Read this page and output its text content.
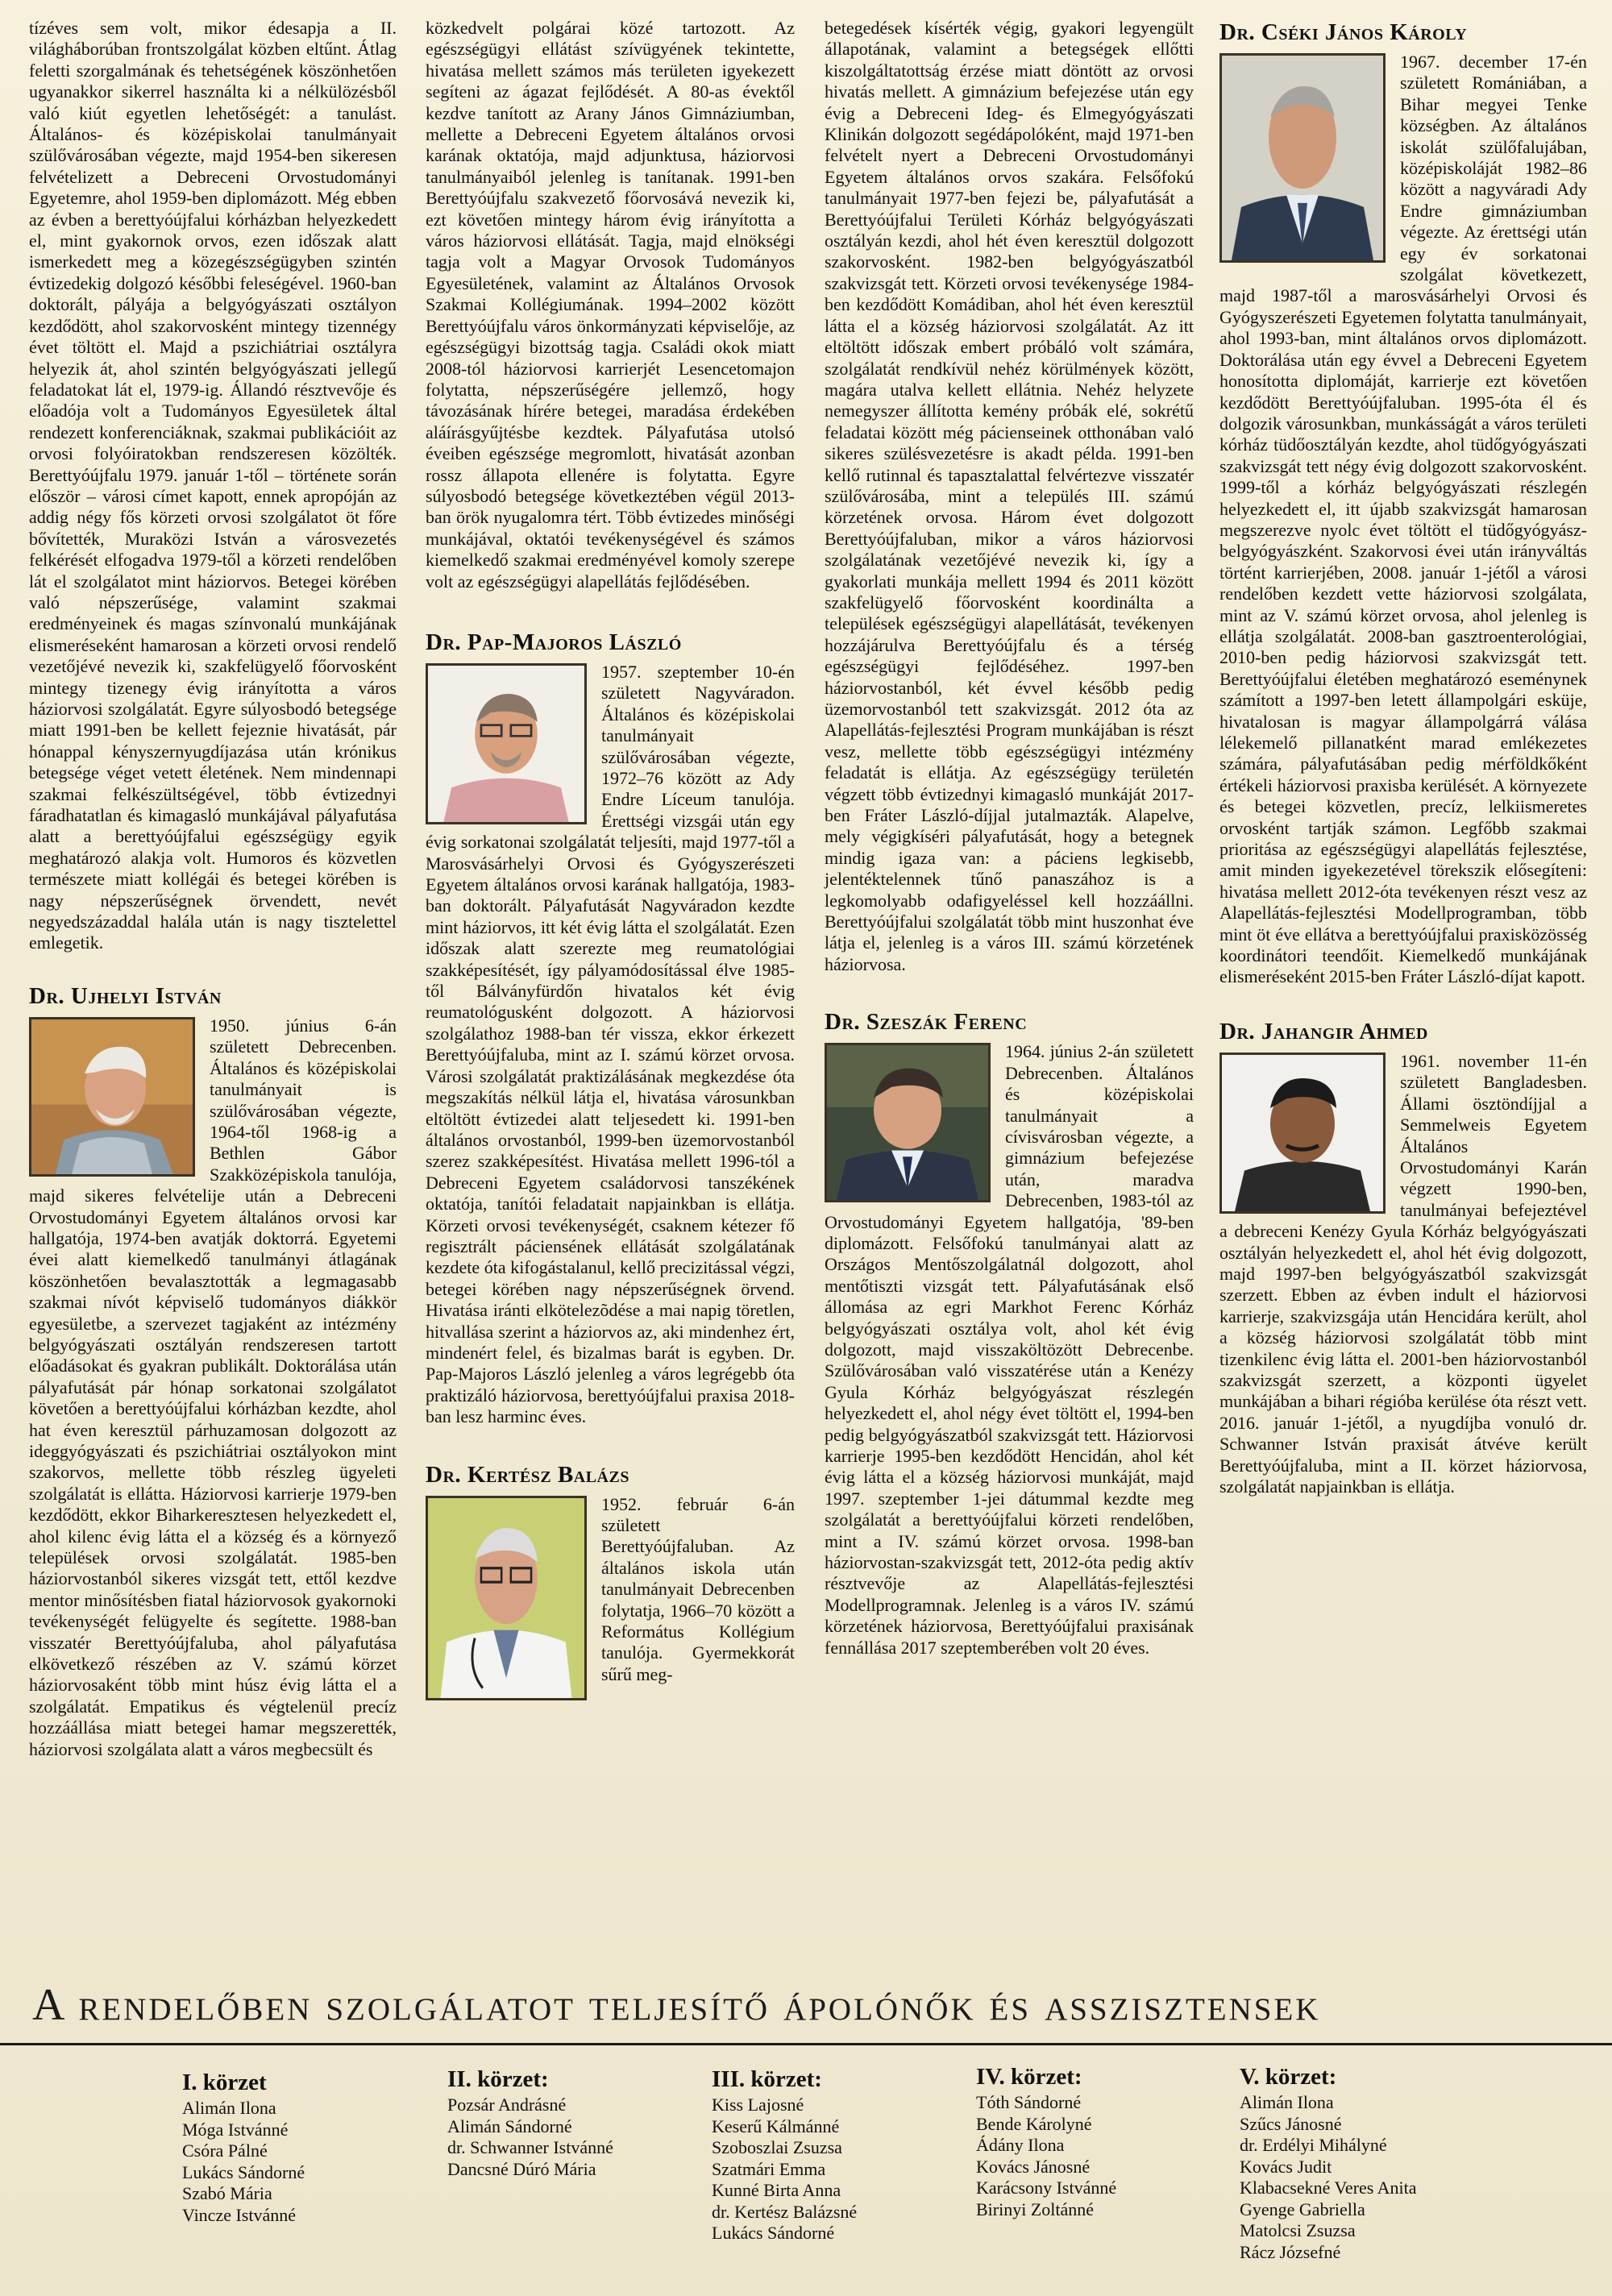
tízéves sem volt, mikor édesapja a II. világháborúban frontszolgálat közben eltűnt. Átlag feletti szorgalmának és tehetségének köszönhetően ugyanakkor sikerrel használta ki a nélkülözésből való kiút egyetlen lehetőségét: a tanulást. Általános- és középiskolai tanulmányait szülővárosában végezte, majd 1954-ben sikeresen felvételizett a Debreceni Orvostudományi Egyetemre, ahol 1959-ben diplomázott. Még ebben az évben a berettyóújfalui kórházban helyezkedett el, mint gyakornok orvos, ezen időszak alatt ismerkedett meg a közegészségügyben szintén évtizedekig dolgozó későbbi feleségével. 1960-ban doktorált, pályája a belgyógyászati osztályon kezdődött, ahol szakorvosként mintegy tizennégy évet töltött el. Majd a pszichiátriai osztályra helyezik át, ahol szintén belgyógyászati jellegű feladatokat lát el, 1979-ig. Állandó résztvevője és előadója volt a Tudományos Egyesületek által rendezett konferenciáknak, szakmai publikációit az orvosi folyóiratokban rendszeresen közölték. Berettyóújfalu 1979. január 1-től – története során először – városi címet kapott, ennek apropóján az addig négy fős körzeti orvosi szolgálatot öt főre bővítették, Muraközi István a városvezetés felkérését elfogadva 1979-től a körzeti rendelőben lát el szolgálatot mint háziorvos. Betegei körében való népszerűsége, valamint szakmai eredményeinek és magas színvonalú munkájának elismeréseként hamarosan a körzeti orvosi rendelő vezetőjévé nevezik ki, szakfelügyelő főorvosként mintegy tizenegy évig irányította a város háziorvosi szolgálatát. Egyre súlyosbodó betegsége miatt 1991-ben be kellett fejeznie hivatását, pár hónappal kényszernyugdíjazása után krónikus betegsége véget vetett életének. Nem mindennapi szakmai felkészültségével, több évtizednyi fáradhatatlan és kimagasló munkájával pályafutása alatt a berettyóújfalui egészségügy egyik meghatározó alakja volt. Humoros és közvetlen természete miatt kollégái és betegei körében is nagy népszerűségnek örvendett, nevét negyedszázaddal halála után is nagy tisztelettel emlegetik.

Dr. Ujhelyi István

1950. június 6-án született Debrecenben. Általános és középiskolai tanulmányait is szülővárosában végezte, 1964-től 1968-ig a Bethlen Gábor Szakközépiskola tanulója, majd sikeres felvételije után a Debreceni Orvostudományi Egyetem általános orvosi kar hallgatója, 1974-ben avatják doktorrá. Egyetemi évei alatt kiemelkedő tanulmányi átlagának köszönhetően bevalasztották a legmagasabb szakmai nívót képviselő tudományos diákkör egyesületbe, a szervezet tagjaként az intézmény belgyógyászati osztályán rendszeresen tartott előadásokat és gyakran publikált. Doktorálása után pályafutását pár hónap sorkatonai szolgálatot követően a berettyóújfalui kórházban kezdte, ahol hat éven keresztül párhuzamosan dolgozott az ideggyógyászati és pszichiátriai osztályokon mint szakorvos, mellette több részleg ügyeleti szolgálatát is ellátta. Háziorvosi karrierje 1979-ben kezdődött, ekkor Biharkeresztesen helyezkedett el, ahol kilenc évig látta el a község és a környező települések orvosi szolgálatát. 1985-ben háziorvostanból sikeres vizsgát tett, ettől kezdve mentor minősítésben fiatal háziorvosok gyakornoki tevékenységét felügyelte és segítette. 1988-ban visszatér Berettyóújfaluba, ahol pályafutása elkövetkező részében az V. számú körzet háziorvosaként több mint húsz évig látta el a szolgálatát. Empatikus és végtelenül precíz hozzáállása miatt betegei hamar megszerették, háziorvosi szolgálata alatt a város megbecsült és

közkedvelt polgárai közé tartozott. Az egészségügyi ellátást szívügyének tekintette, hivatása mellett számos más területen igyekezett segíteni az ágazat fejlődését. A 80-as évektől kezdve tanított az Arany János Gimnáziumban, mellette a Debreceni Egyetem általános orvosi karának oktatója, majd adjunktusa, háziorvosi tanulmányaiból jelenleg is tanítanak. 1991-ben Berettyóújfalu szakvezető főorvosává nevezik ki, ezt követően mintegy három évig irányította a város háziorvosi ellátását. Tagja, majd elnökségi tagja volt a Magyar Orvosok Tudományos Egyesületének, valamint az Általános Orvosok Szakmai Kollégiumának. 1994–2002 között Berettyóújfalu város önkormányzati képviselője, az egészségügyi bizottság tagja. Családi okok miatt 2008-tól háziorvosi karrierjét Lesencetomajon folytatta, népszerűségére jellemző, hogy távozásának hírére betegei, maradása érdekében aláírásgyűjtésbe kezdtek. Pályafutása utolsó éveiben egészsége megromlott, hivatását azonban rossz állapota ellenére is folytatta. Egyre súlyosbodó betegsége következtében végül 2013-ban örök nyugalomra tért. Több évtizedes minőségi munkájával, oktatói tevékenységével és számos kiemelkedő szakmai eredményével komoly szerepe volt az egészségügyi alapellátás fejlődésében.

Dr. Pap-Majoros László

1957. szeptember 10-én született Nagyváradon. Általános és középiskolai tanulmányait szülővárosában végezte, 1972–76 között az Ady Endre Líceum tanulója. Érettségi vizsgái után egy évig sorkatonai szolgálatát teljesíti, majd 1977-től a Marosvásárhelyi Orvosi és Gyógyszerészeti Egyetem általános orvosi karának hallgatója, 1983-ban doktorált. Pályafutását Nagyváradon kezdte mint háziorvos, itt két évig látta el szolgálatát. Ezen időszak alatt szerezte meg reumatológiai szakképesítését, így pályamódosítással élve 1985-től Bálványfürdőn hivatalos két évig reumatológusként dolgozott. A háziorvosi szolgálathoz 1988-ban tér vissza, ekkor érkezett Berettyóújfaluba, mint az I. számú körzet orvosa. Városi szolgálatát praktizálásának megkezdése óta megszakítás nélkül látja el, hivatása városunkban eltöltött évtizedei alatt teljesedett ki. 1991-ben általános orvostanból, 1999-ben üzemorvostanból szerez szakképesítést. Hivatása mellett 1996-tól a Debreceni Egyetem családorvosi tanszékének oktatója, tanítói feladatait napjainkban is ellátja. Körzeti orvosi tevékenységét, csaknem kétezer fő regisztrált páciensének ellátását szolgálatának kezdete óta kifogástalanul, kellő precizitással végzi, betegei körében nagy népszerűségnek örvend. Hivatása iránti elkötelezõdése a mai napig töretlen, hitvallása szerint a háziorvos az, aki mindenhez ért, mindenért felel, és bizalmas barát is egyben. Dr. Pap-Majoros László jelenleg a város legrégebb óta praktizáló háziorvosa, berettyóújfalui praxisa 2018-ban lesz harminc éves.

Dr. Kertész Balázs

1952. február 6-án született Berettyóújfaluban. Az általános iskola után tanulmányait Debrecenben folytatja, 1966–70 között a Református Kollégium tanulója. Gyermekkorát sűrű meg-

betegedések kísérték végig, gyakori legyengült állapotának, valamint a betegségek ellőtti kiszolgáltatottság érzése miatt döntött az orvosi hivatás mellett. A gimnázium befejezése után egy évig a Debreceni Ideg- és Elmegyógyászati Klinikán dolgozott segédápolóként, majd 1971-ben felvételt nyert a Debreceni Orvostudományi Egyetem általános orvos szakára. Felsőfokú tanulmányait 1977-ben fejezi be, pályafutását a Berettyóújfalui Területi Kórház belgyógyászati osztályán kezdi, ahol hét éven keresztül dolgozott szakorvosként. 1982-ben belgyógyászatból szakvizsgát tett. Körzeti orvosi tevékenysége 1984-ben kezdődött Komádiban, ahol hét éven keresztül látta el a község háziorvosi szolgálatát. Az itt eltöltött időszak embert próbáló volt számára, szolgálatát rendkívül nehéz körülmények között, magára utalva kellett ellátnia. Nehéz helyzete nemegyszer állította kemény próbák elé, sokrétű feladatai között még pácienseinek otthonában való sikeres szülésvezetésre is akadt példa. 1991-ben kellő rutinnal és tapasztalattal felvértezve visszatér szülővárosába, mint a település III. számú körzetének orvosa. Három évet dolgozott Berettyóújfaluban, mikor a város háziorvosi szolgálatának vezetőjévé nevezik ki, így a gyakorlati munkája mellett 1994 és 2011 között szakfelügyelő főorvosként koordinálta a települések egészségügyi alapellátását, tevékenyen hozzájárulva Berettyóújfalu és a térség egészségügyi fejlődéséhez. 1997-ben háziorvostanból, két évvel később pedig üzemorvostanból tett szakvizsgát. 2012 óta az Alapellátás-fejlesztési Program munkájában is részt vesz, mellette több egészségügyi intézmény feladatát is ellátja. Az egészségügy területén végzett több évtizednyi kimagasló munkáját 2017-ben Fráter László-díjjal jutalmazták. Alapelve, mely végigkíséri pályafutását, hogy a betegnek mindig igaza van: a páciens legkisebb, jelentéktelennek tűnő panaszához is a legkomolyabb odafigyeléssel kell hozzáállni. Berettyóújfalui szolgálatát több mint huszonhat éve látja el, jelenleg is a város III. számú körzetének háziorvosa.

Dr. Szeszák Ferenc

1964. június 2-án született Debrecenben. Általános és középiskolai tanulmányait a cívisvárosban végezte, a gimnázium befejezése után, maradva Debrecenben, 1983-tól az Orvostudományi Egyetem hallgatója, '89-ben diplomázott. Felsőfokú tanulmányai alatt az Országos Mentőszolgálatnál dolgozott, ahol mentőtiszti vizsgát tett. Pályafutásának első állomása az egri Markhot Ferenc Kórház belgyógyászati osztálya volt, ahol két évig dolgozott, majd visszaköltözött Debrecenbe. Szülővárosában való visszatérése után a Kenézy Gyula Kórház belgyógyászat részlegén helyezkedett el, ahol négy évet töltött el, 1994-ben pedig belgyógyászatból szakvizsgát tett. Háziorvosi karrierje 1995-ben kezdődött Hencidán, ahol két évig látta el a község háziorvosi munkáját, majd 1997. szeptember 1-jei dátummal kezdte meg szolgálatát a berettyóújfalui körzeti rendelőben, mint a IV. számú körzet orvosa. 1998-ban háziorvostan-szakvizsgát tett, 2012-óta pedig aktív résztvevője az Alapellátás-fejlesztési Modellprogramnak. Jelenleg is a város IV. számú körzetének háziorvosa, Berettyóújfalui praxisának fennállása 2017 szeptemberében volt 20 éves.

Dr. Cséki János Károly

1967. december 17-én született Romániában, a Bihar megyei Tenke községben. Az általános iskolát szülőfalujában, középiskoláját 1982–86 között a nagyváradi Ady Endre gimnáziumban végezte. Az érettségi után egy év sorkatonai szolgálat következett, majd 1987-től a marosvásárhelyi Orvosi és Gyógyszerészeti Egyetemen folytatta tanulmányait, ahol 1993-ban, mint általános orvos diplomázott. Doktorálása után egy évvel a Debreceni Egyetem honosította diplomáját, karrierje ezt követően kezdődött Berettyóújfaluban. 1995-óta él és dolgozik városunkban, munkásságát a város területi kórház tüdőosztályán kezdte, ahol tüdőgyógyászati szakvizsgát tett négy évig dolgozott szakorvosként. 1999-től a kórház belgyógyászati részlegén helyezkedett el, itt újabb szakvizsgát hamarosan megszerezve nyolc évet töltött el tüdőgyógyász-belgyógyászként. Szakorvosi évei után irányváltás történt karrierjében, 2008. január 1-jétől a városi rendelőben kezdett vette háziorvosi szolgálata, mint az V. számú körzet orvosa, ahol jelenleg is ellátja szolgálatát. 2008-ban gasztroenterológiai, 2010-ben pedig háziorvosi szakvizsgát tett. Berettyóújfalui életében meghatározó eseménynek számított a 1997-ben letett állampolgári esküje, hivatalosan is magyar állampolgárrá válása lélekemelő pillanatként marad emlékezetes számára, pályafutásában pedig mérföldkőként értékeli háziorvosi praxisba kerülését. A környezete és betegei közvetlen, precíz, lelkiismeretes orvosként tartják számon. Legfőbb szakmai prioritása az egészségügyi alapellátás fejlesztése, amit minden igyekezetével törekszik elősegíteni: hivatása mellett 2012-óta tevékenyen részt vesz az Alapellátás-fejlesztési Modellprogramban, több mint öt éve ellátva a berettyóújfalui praxisközösség koordinátori teendőit. Kiemelkedő munkájának elismeréseként 2015-ben Fráter László-díjat kapott.

Dr. Jahangir Ahmed

1961. november 11-én született Bangladesben. Állami ösztöndíjjal a Semmelweis Egyetem Általános Orvostudományi Karán végzett 1990-ben, tanulmányai befejeztével a debreceni Kenézy Gyula Kórház belgyógyászati osztályán helyezkedett el, ahol hét évig dolgozott, majd 1997-ben belgyógyászatból szakvizsgát szerzett. Ebben az évben indult el háziorvosi karrierje, szakvizsgája után Hencidára került, ahol a község háziorvosi szolgálatát több mint tizenkilenc évig látta el. 2001-ben háziorvostanból szakvizsgát szerzett, a központi ügyelet munkájában a bihari régióba kerülése óta részt vett. 2016. január 1-jétől, a nyugdíjba vonuló dr. Schwanner István praxisát átvéve került Berettyóújfaluba, mint a II. körzet háziorvosa, szolgálatát napjainkban is ellátja.

A rendelőben szolgálatot teljesítő ápolónők és asszisztensek
I. körzet
Alimán Ilona
Móga Istvánné
Csóra Pálné
Lukács Sándorné
Szabó Mária
Vincze Istvánné
II. körzet:
Pozsár Andrásné
Alimán Sándorné
dr. Schwanner Istvánné
Dancsné Dúró Mária
III. körzet:
Kiss Lajosné
Keserű Kálmánné
Szoboszlai Zsuzsa
Szatmári Emma
Kunné Birta Anna
dr. Kertész Balázsné
Lukács Sándorné
IV. körzet:
Tóth Sándorné
Bende Károlyné
Ádány Ilona
Kovács Jánosné
Karácsony Istvánné
Birinyi Zoltánné
V. körzet:
Alimán Ilona
Szűcs Jánosné
dr. Erdélyi Mihályné
Kovács Judit
Klabacsekné Veres Anita
Gyenge Gabriella
Matolcsi Zsuzsa
Rácz Józsefné
